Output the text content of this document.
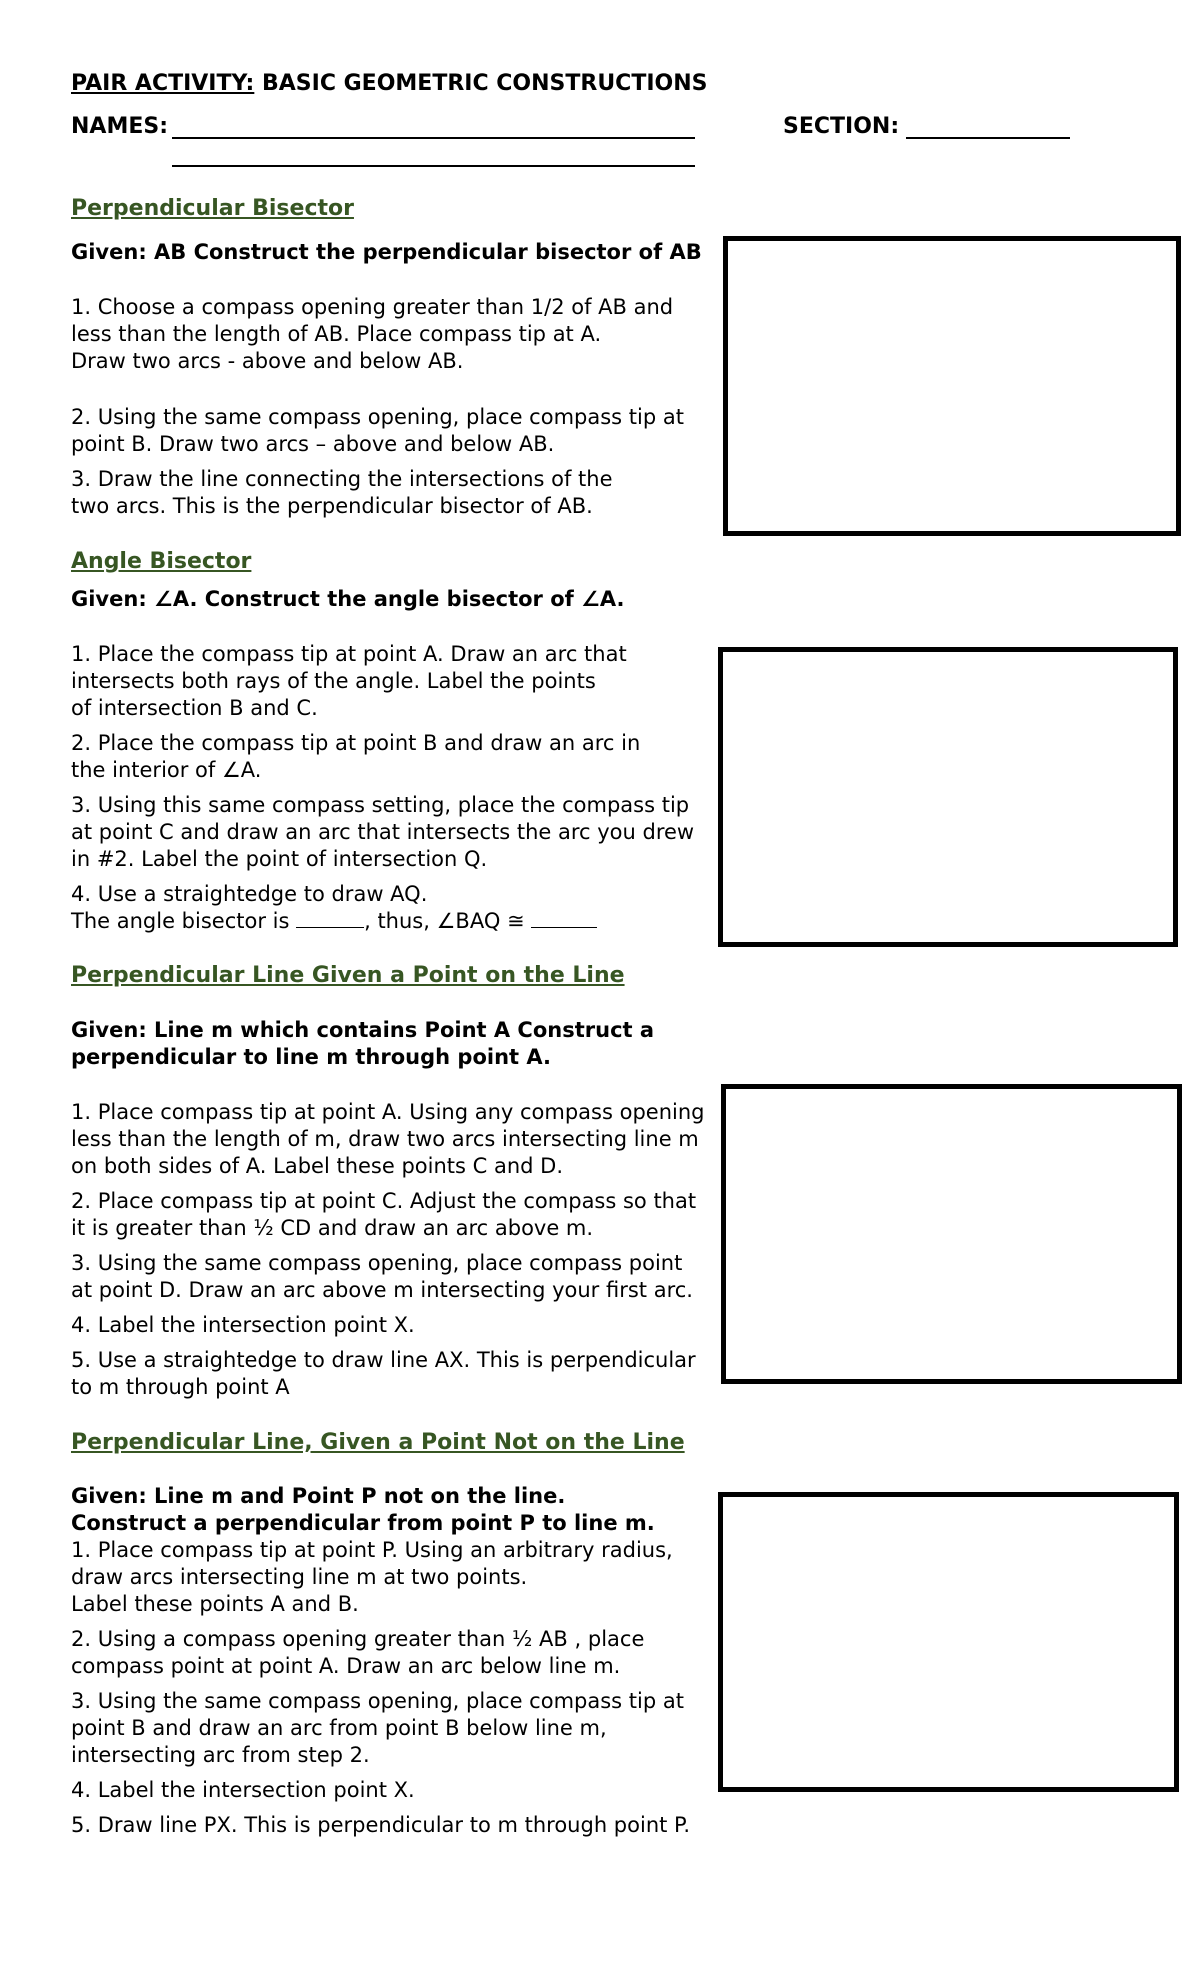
PAIR ACTIVITY: BASIC GEOMETRIC CONSTRUCTIONS
NAMES:	SECTION:
Perpendicular Bisector
Given: AB Construct the perpendicular bisector of AB
1. Choose a compass opening greater than 1/2 of AB and
less than the length of AB. Place compass tip at A.
Draw two arcs - above and below AB.
2. Using the same compass opening, place compass tip at
point B. Draw two arcs – above and below AB.
3. Draw the line connecting the intersections of the
two arcs. This is the perpendicular bisector of AB.
Angle Bisector
Given: ∠A. Construct the angle bisector of ∠A.
1. Place the compass tip at point A. Draw an arc that
intersects both rays of the angle. Label the points
of intersection B and C.
2. Place the compass tip at point B and draw an arc in
the interior of ∠A.
3. Using this same compass setting, place the compass tip
at point C and draw an arc that intersects the arc you drew
in #2. Label the point of intersection Q.
4. Use a straightedge to draw AQ.
The angle bisector is	, thus, ∠BAQ ≅
Perpendicular Line Given a Point on the Line
Given: Line m which contains Point A Construct a
perpendicular to line m through point A.
1. Place compass tip at point A. Using any compass opening
less than the length of m, draw two arcs intersecting line m
on both sides of A. Label these points C and D.
2. Place compass tip at point C. Adjust the compass so that
it is greater than ½ CD and draw an arc above m.
3. Using the same compass opening, place compass point
at point D. Draw an arc above m intersecting your first arc.
4. Label the intersection point X.
5. Use a straightedge to draw line AX. This is perpendicular
to m through point A
Perpendicular Line, Given a Point Not on the Line
Given: Line m and Point P not on the line.
Construct a perpendicular from point P to line m.
1. Place compass tip at point P. Using an arbitrary radius,
draw arcs intersecting line m at two points.
Label these points A and B.
2. Using a compass opening greater than ½ AB , place
compass point at point A. Draw an arc below line m.
3. Using the same compass opening, place compass tip at
point B and draw an arc from point B below line m,
intersecting arc from step 2.
4. Label the intersection point X.
5. Draw line PX. This is perpendicular to m through point P.
